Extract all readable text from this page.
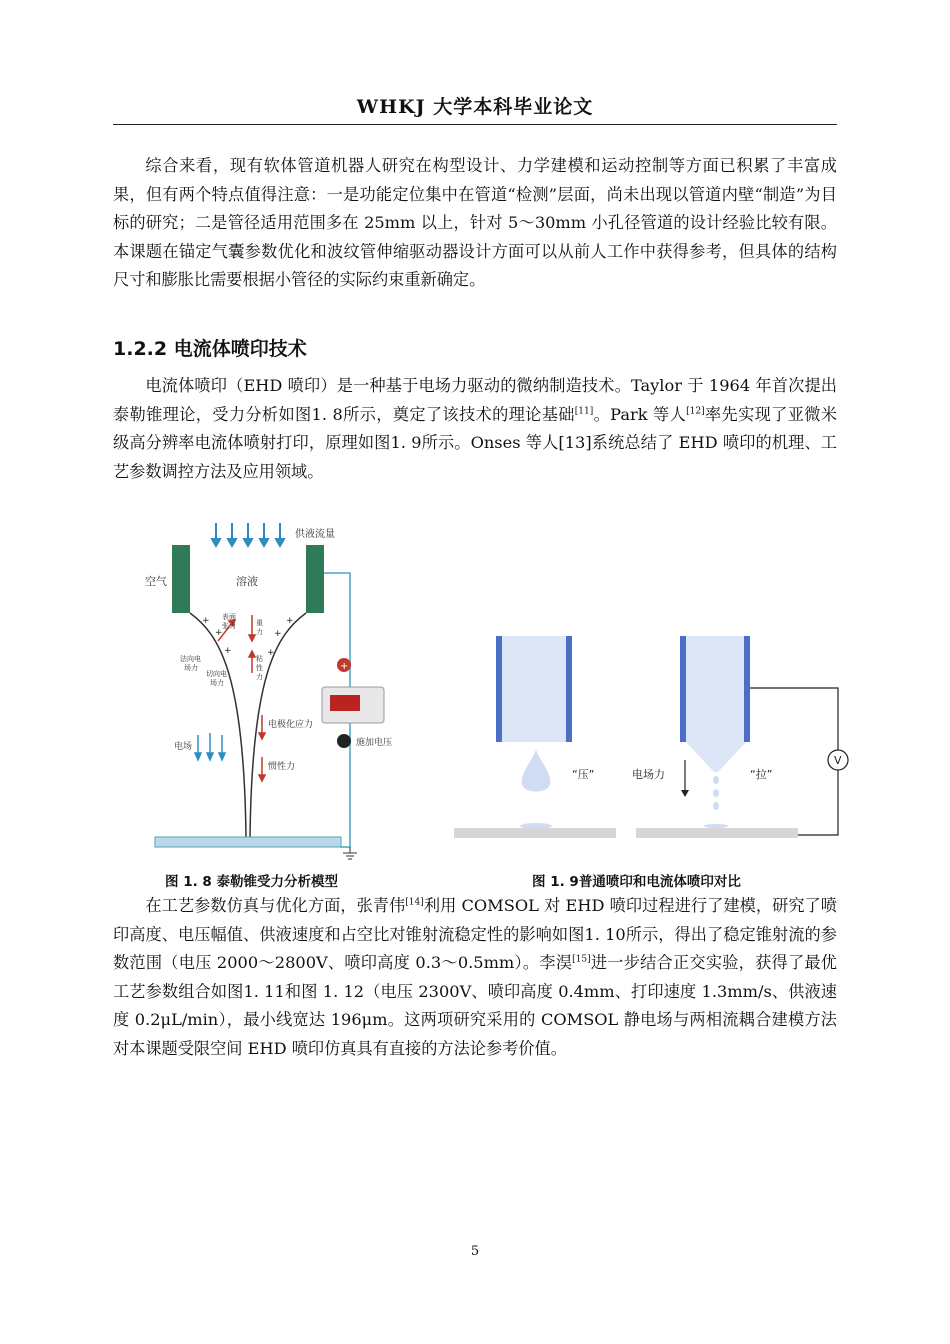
WHKJ 大学本科毕业论文

综合来看，现有软体管道机器人研究在构型设计、力学建模和运动控制等方面已积累了丰富成果，但有两个特点值得注意：一是功能定位集中在管道“检测”层面，尚未出现以管道内壁“制造”为目标的研究；二是管径适用范围多在 25mm 以上，针对 5～30mm 小孔径管道的设计经验比较有限。本课题在锚定气囊参数优化和波纹管伸缩驱动器设计方面可以从前人工作中获得参考，但具体的结构尺寸和膨胀比需要根据小管径的实际约束重新确定。

1.2.2 电流体喷印技术

电流体喷印（EHD 喷印）是一种基于电场力驱动的微纳制造技术。Taylor 于 1964 年首次提出泰勒锥理论，受力分析如图1. 8所示，奠定了该技术的理论基础[11]。Park 等人[12]率先实现了亚微米级高分辨率电流体喷射打印，原理如图1. 9所示。Onses 等人[13]系统总结了 EHD 喷印的机理、工艺参数调控方法及应用领域。

供液流量
空气	溶液
+
+
+
+
+
+
表面
张力	重
力
法向电
场力
切向电
场力
粘
性
力
电极化应力
惯性力
电场
+
施加电压
“压”	电场力	“拉”
V
图 1. 8 泰勒锥受力分析模型	图 1. 9普通喷印和电流体喷印对比

在工艺参数仿真与优化方面，张青伟[14]利用 COMSOL 对 EHD 喷印过程进行了建模，研究了喷印高度、电压幅值、供液速度和占空比对锥射流稳定性的影响如图1. 10所示，得出了稳定锥射流的参数范围（电压 2000～2800V、喷印高度 0.3～0.5mm）。李淏[15]进一步结合正交实验，获得了最优工艺参数组合如图1. 11和图 1. 12（电压 2300V、喷印高度 0.4mm、打印速度 1.3mm/s、供液速度 0.2μL/min），最小线宽达 196μm。这两项研究采用的 COMSOL 静电场与两相流耦合建模方法对本课题受限空间 EHD 喷印仿真具有直接的方法论参考价值。

5
